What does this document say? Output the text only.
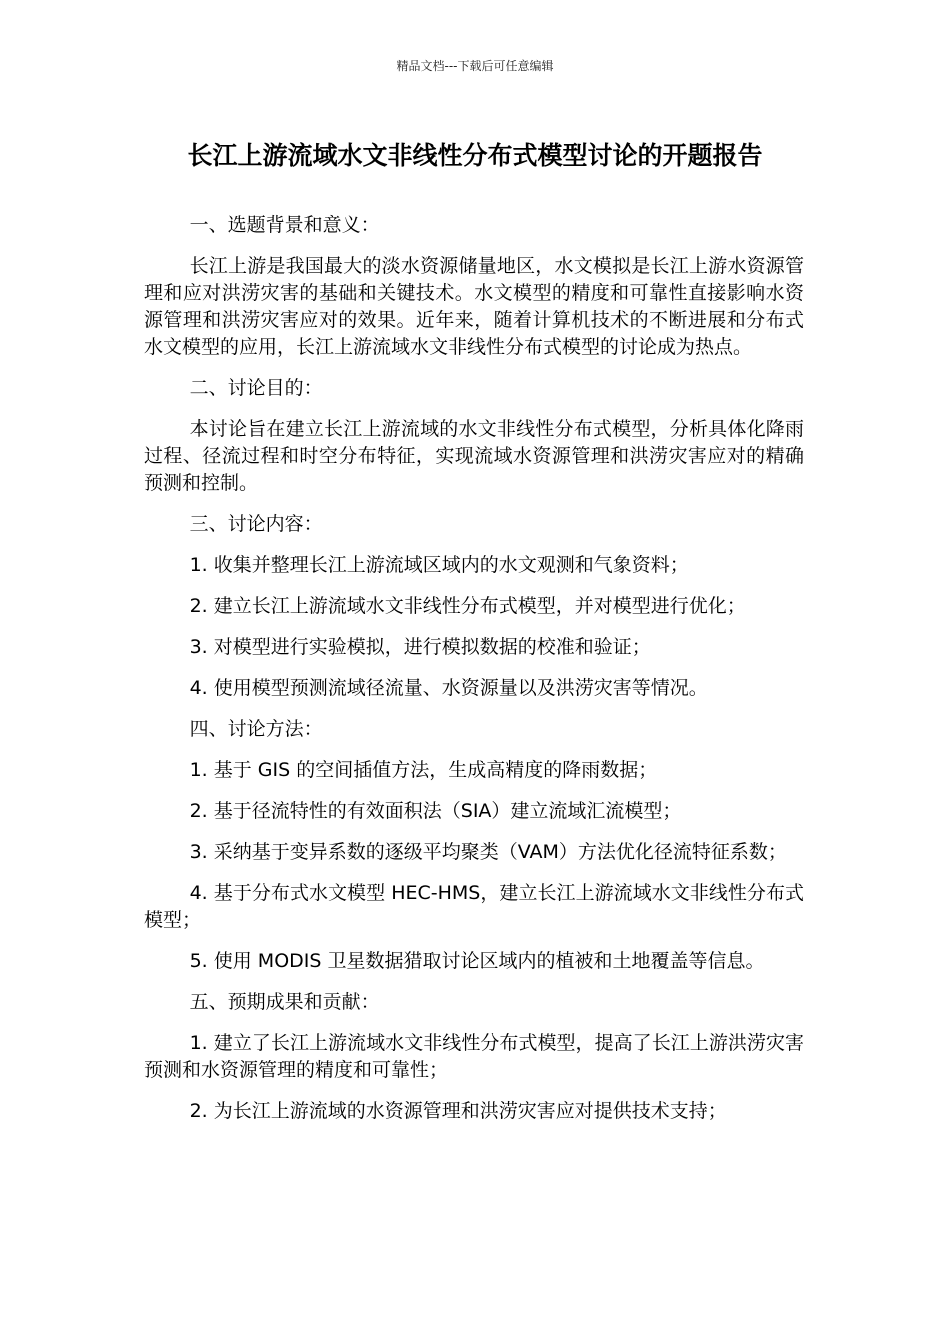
精品文档---下载后可任意编辑
长江上游流域水文非线性分布式模型讨论的开题报告

一、选题背景和意义：

长江上游是我国最大的淡水资源储量地区，水文模拟是长江上游水资源管理和应对洪涝灾害的基础和关键技术。水文模型的精度和可靠性直接影响水资源管理和洪涝灾害应对的效果。近年来，随着计算机技术的不断进展和分布式水文模型的应用，长江上游流域水文非线性分布式模型的讨论成为热点。

二、讨论目的：

本讨论旨在建立长江上游流域的水文非线性分布式模型，分析具体化降雨过程、径流过程和时空分布特征，实现流域水资源管理和洪涝灾害应对的精确预测和控制。

三、讨论内容：

1. 收集并整理长江上游流域区域内的水文观测和气象资料；

2. 建立长江上游流域水文非线性分布式模型，并对模型进行优化；

3. 对模型进行实验模拟，进行模拟数据的校准和验证；

4. 使用模型预测流域径流量、水资源量以及洪涝灾害等情况。

四、讨论方法：

1. 基于 GIS 的空间插值方法，生成高精度的降雨数据；

2. 基于径流特性的有效面积法（SIA）建立流域汇流模型；

3. 采纳基于变异系数的逐级平均聚类（VAM）方法优化径流特征系数；

4. 基于分布式水文模型 HEC-HMS，建立长江上游流域水文非线性分布式模型；

5. 使用 MODIS 卫星数据猎取讨论区域内的植被和土地覆盖等信息。

五、预期成果和贡献：

1. 建立了长江上游流域水文非线性分布式模型，提高了长江上游洪涝灾害预测和水资源管理的精度和可靠性；

2. 为长江上游流域的水资源管理和洪涝灾害应对提供技术支持；
